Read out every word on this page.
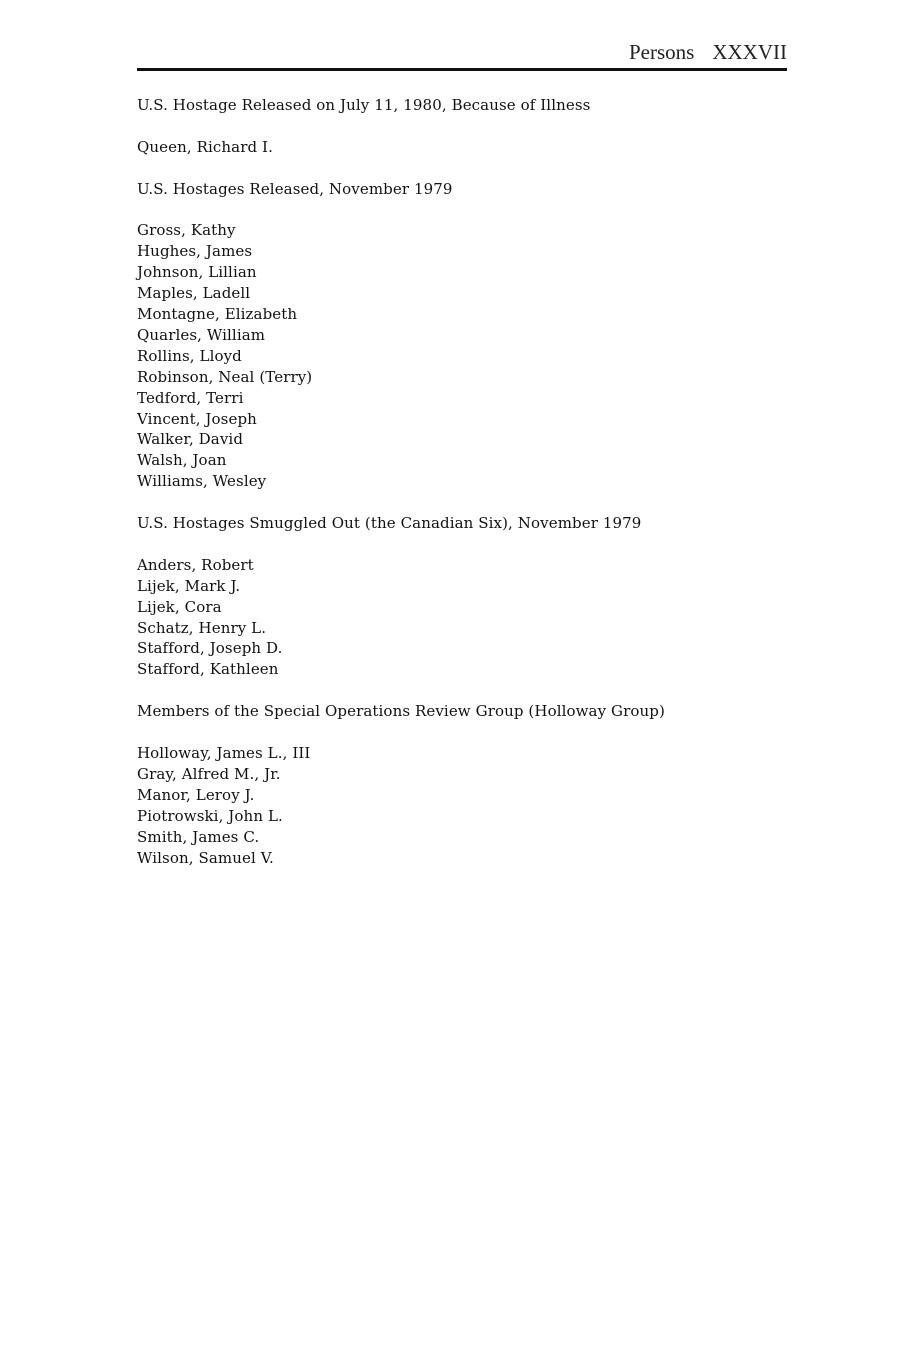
Persons XXXVII
U.S. Hostage Released on July 11, 1980, Because of Illness
Queen, Richard I.
U.S. Hostages Released, November 1979
Gross, Kathy
Hughes, James
Johnson, Lillian
Maples, Ladell
Montagne, Elizabeth
Quarles, William
Rollins, Lloyd
Robinson, Neal (Terry)
Tedford, Terri
Vincent, Joseph
Walker, David
Walsh, Joan
Williams, Wesley
U.S. Hostages Smuggled Out (the Canadian Six), November 1979
Anders, Robert
Lijek, Mark J.
Lijek, Cora
Schatz, Henry L.
Stafford, Joseph D.
Stafford, Kathleen
Members of the Special Operations Review Group (Holloway Group)
Holloway, James L., III
Gray, Alfred M., Jr.
Manor, Leroy J.
Piotrowski, John L.
Smith, James C.
Wilson, Samuel V.
